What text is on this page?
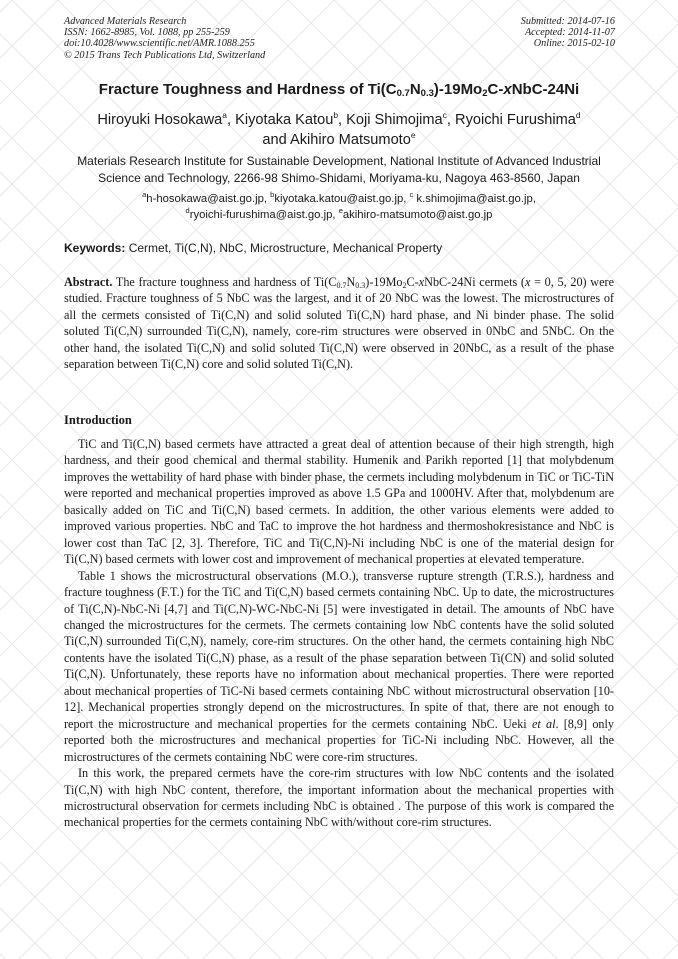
Advanced Materials Research
ISSN: 1662-8985, Vol. 1088, pp 255-259
doi:10.4028/www.scientific.net/AMR.1088.255
© 2015 Trans Tech Publications Ltd, Switzerland
Submitted: 2014-07-16
Accepted: 2014-11-07
Online: 2015-02-10
Fracture Toughness and Hardness of $Ti(C_{0.7}N_{0.3})-19Mo_2C-xNbC-24Ni$
Hiroyuki Hosokawa$^a$, Kiyotaka Katou$^b$, Koji Shimojima$^c$, Ryoichi Furushima$^d$
and Akihiro Matsumoto$^e$
Materials Research Institute for Sustainable Development, National Institute of Advanced Industrial
Science and Technology, 2266-98 Shimo-Shidami, Moriyama-ku, Nagoya 463-8560, Japan
$^a$h-hosokawa@aist.go.jp, $^b$kiyotaka.katou@aist.go.jp, $^c$ k.shimojima@aist.go.jp,
$^d$ryoichi-furushima@aist.go.jp, $^e$akihiro-matsumoto@aist.go.jp
Keywords: Cermet, Ti(C,N), NbC, Microstructure, Mechanical Property
Abstract. The fracture toughness and hardness of $Ti(C_{0.7}N_{0.3})-19Mo_2C-xNbC-24Ni$ cermets (x = 0, 5, 20) were studied. Fracture toughness of 5 NbC was the largest, and it of 20 NbC was the lowest. The microstructures of all the cermets consisted of Ti(C,N) and solid soluted Ti(C,N) hard phase, and Ni binder phase. The solid soluted Ti(C,N) surrounded Ti(C,N), namely, core-rim structures were observed in 0NbC and 5NbC. On the other hand, the isolated Ti(C,N) and solid soluted Ti(C,N) were observed in 20NbC, as a result of the phase separation between Ti(C,N) core and solid soluted Ti(C,N).
Introduction

TiC and Ti(C,N) based cermets have attracted a great deal of attention because of their high strength, high hardness, and their good chemical and thermal stability. Humenik and Parikh reported [1] that molybdenum improves the wettability of hard phase with binder phase, the cermets including molybdenum in TiC or TiC-TiN were reported and mechanical properties improved as above 1.5 GPa and 1000HV. After that, molybdenum are basically added on TiC and Ti(C,N) based cermets. In addition, the other various elements were added to improved various properties. NbC and TaC to improve the hot hardness and thermoshokresistance and NbC is lower cost than TaC [2, 3]. Therefore, TiC and Ti(C,N)-Ni including NbC is one of the material design for Ti(C,N) based cermets with lower cost and improvement of mechanical properties at elevated temperature.

Table 1 shows the microstructural observations (M.O.), transverse rupture strength (T.R.S.), hardness and fracture toughness (F.T.) for the TiC and Ti(C,N) based cermets containing NbC. Up to date, the microstructures of Ti(C,N)-NbC-Ni [4,7] and Ti(C,N)-WC-NbC-Ni [5] were investigated in detail. The amounts of NbC have changed the microstructures for the cermets. The cermets containing low NbC contents have the solid soluted Ti(C,N) surrounded Ti(C,N), namely, core-rim structures. On the other hand, the cermets containing high NbC contents have the isolated Ti(C,N) phase, as a result of the phase separation between Ti(CN) and solid soluted Ti(C,N). Unfortunately, these reports have no information about mechanical properties. There were reported about mechanical properties of TiC-Ni based cermets containing NbC without microstructural observation [10-12]. Mechanical properties strongly depend on the microstructures. In spite of that, there are not enough to report the microstructure and mechanical properties for the cermets containing NbC. Ueki et al. [8,9] only reported both the microstructures and mechanical properties for TiC-Ni including NbC. However, all the microstructures of the cermets containing NbC were core-rim structures.

In this work, the prepared cermets have the core-rim structures with low NbC contents and the isolated Ti(C,N) with high NbC content, therefore, the important information about the mechanical properties with microstructural observation for cermets including NbC is obtained . The purpose of this work is compared the mechanical properties for the cermets containing NbC with/without core-rim structures.
